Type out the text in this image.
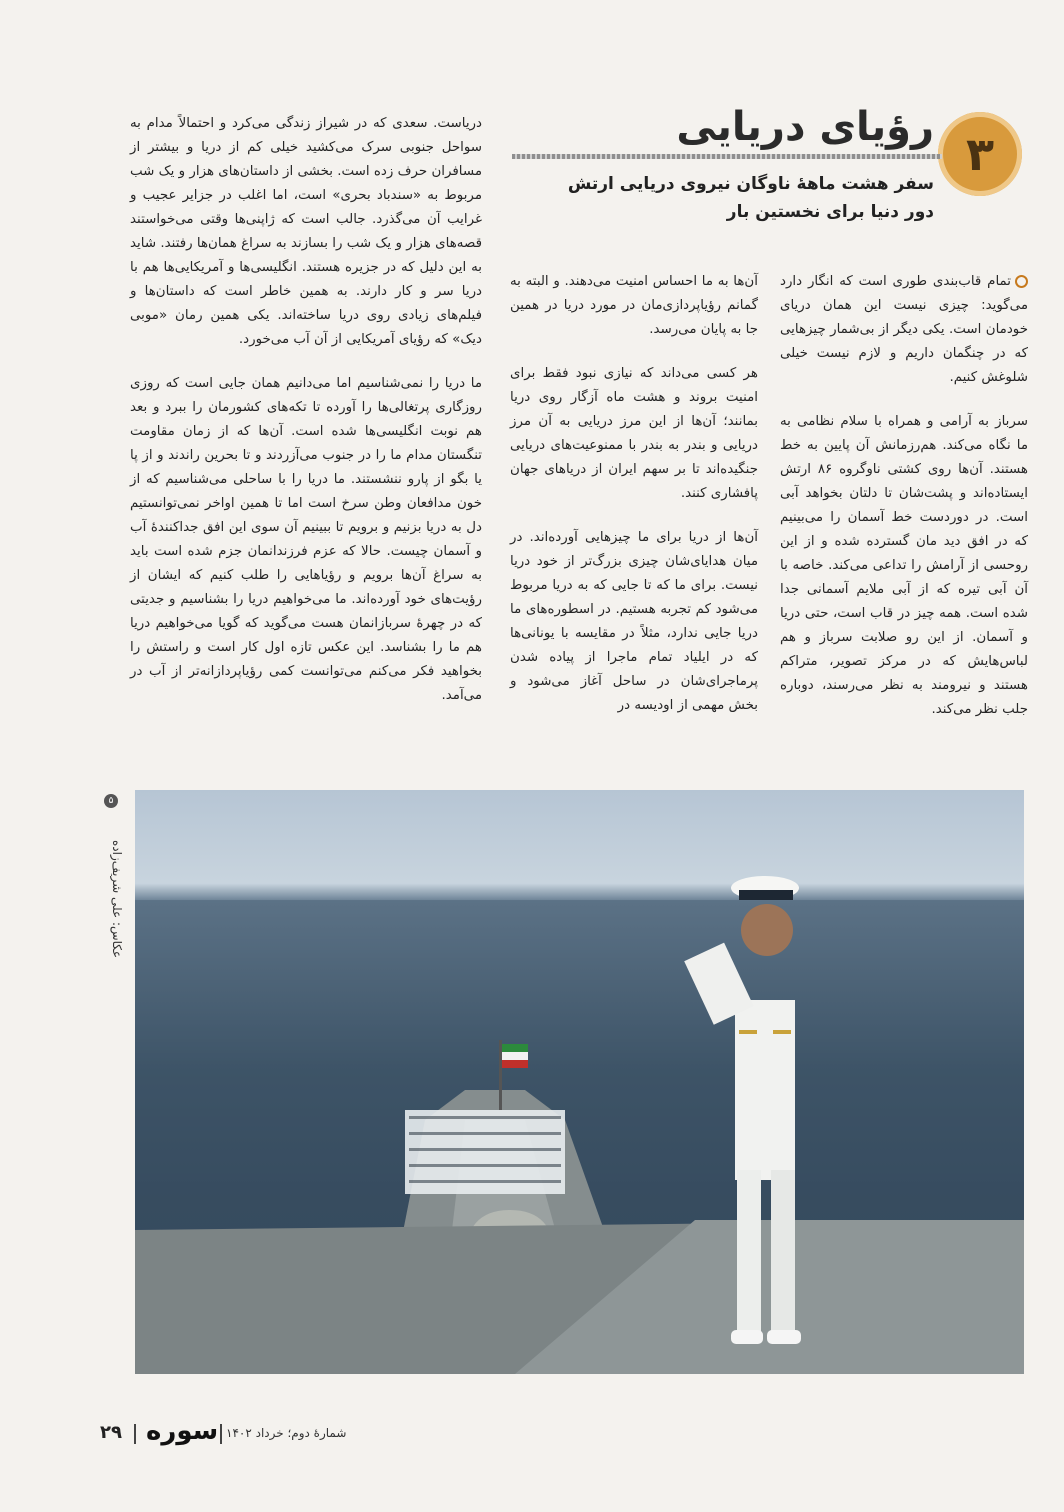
۳
رؤیای دریایی
سفر هشت ماهۀ ناوگان نیروی دریایی ارتش
دور دنیا برای نخستین بار

تمام قاب‌بندی طوری است که انگار دارد می‌گوید: چیزی نیست این همان دریای خودمان است. یکی دیگر از بی‌شمار چیزهایی که در چنگمان داریم و لازم نیست خیلی شلوغش کنیم.

سرباز به آرامی و همراه با سلام نظامی به ما نگاه می‌کند. هم‌رزمانش آن پایین به خط هستند. آن‌ها روی کشتی ناوگروه ۸۶ ارتش ایستاده‌اند و پشت‌شان تا دلتان بخواهد آبی است. در دوردست خط آسمان را می‌بینیم که در افق دید مان گسترده شده و از این روحسی از آرامش را تداعی می‌کند. خاصه با آن آبی تیره که از آبی ملایم آسمانی جدا شده است. همه چیز در قاب است، حتی دریا و آسمان. از این رو صلابت سرباز و هم لباس‌هایش که در مرکز تصویر، متراکم هستند و نیرومند به نظر می‌رسند، دوباره جلب نظر می‌کند.

آن‌ها به ما احساس امنیت می‌دهند. و البته به گمانم رؤیاپردازی‌مان در مورد دریا در همین جا به پایان می‌رسد.

هر کسی می‌داند که نیازی نبود فقط برای امنیت بروند و هشت ماه آزگار روی دریا بمانند؛ آن‌ها از این مرز دریایی به آن مرز دریایی و بندر به بندر با ممنوعیت‌های دریایی جنگیده‌اند تا بر سهم ایران از دریاهای جهان پافشاری کنند.

آن‌ها از دریا برای ما چیزهایی آورده‌اند. در میان هدایای‌شان چیزی بزرگ‌تر از خود دریا نیست. برای ما که تا جایی که به دریا مربوط می‌شود کم تجربه هستیم. در اسطوره‌های ما دریا جایی ندارد، مثلاً در مقایسه با یونانی‌ها که در ایلیاد تمام ماجرا از پیاده شدن پرماجرای‌شان در ساحل آغاز می‌شود و بخش مهمی از اودیسه در

دریاست. سعدی که در شیراز زندگی می‌کرد و احتمالاً مدام به سواحل جنوبی سرک می‌کشید خیلی کم از دریا و بیشتر از مسافران حرف زده است. بخشی از داستان‌های هزار و یک شب مربوط به «سندباد بحری» است، اما اغلب در جزایر عجیب و غرایب آن می‌گذرد. جالب است که ژاپنی‌ها وقتی می‌خواستند قصه‌های هزار و یک شب را بسازند به سراغ همان‌ها رفتند. شاید به این دلیل که در جزیره هستند. انگلیسی‌ها و آمریکایی‌ها هم با دریا سر و کار دارند. به همین خاطر است که داستان‌ها و فیلم‌های زیادی روی دریا ساخته‌اند. یکی همین رمان «موبی دیک» که رؤیای آمریکایی از آن آب می‌خورد.

ما دریا را نمی‌شناسیم اما می‌دانیم همان جایی است که روزی روزگاری پرتغالی‌ها را آورده تا تکه‌های کشورمان را ببرد و بعد هم نوبت انگلیسی‌ها شده است. آن‌ها که از زمان مقاومت تنگستان مدام ما را در جنوب می‌آزردند و تا بحرین راندند و از پا یا بگو از پارو ننشستند. ما دریا را با ساحلی می‌شناسیم که از خون مدافعان وطن سرخ است اما تا همین اواخر نمی‌توانستیم دل به دریا بزنیم و برویم تا ببینیم آن سوی این افق جداکنندۀ آب و آسمان چیست. حالا که عزم فرزندانمان جزم شده است باید به سراغ آن‌ها برویم و رؤیاهایی را طلب کنیم که ایشان از رؤیت‌های خود آورده‌اند. ما می‌خواهیم دریا را بشناسیم و جدیتی که در چهرۀ سربازانمان هست می‌گوید که گویا می‌خواهیم دریا هم ما را بشناسد. این عکس تازه اول کار است و راستش را بخواهید فکر می‌کنم می‌توانست کمی رؤیاپردازانه‌تر از آب در می‌آمد.

۵
عکاس: علی شریف‌زاده
۲۹ سوره شمارۀ دوم؛ خرداد ۱۴۰۲
